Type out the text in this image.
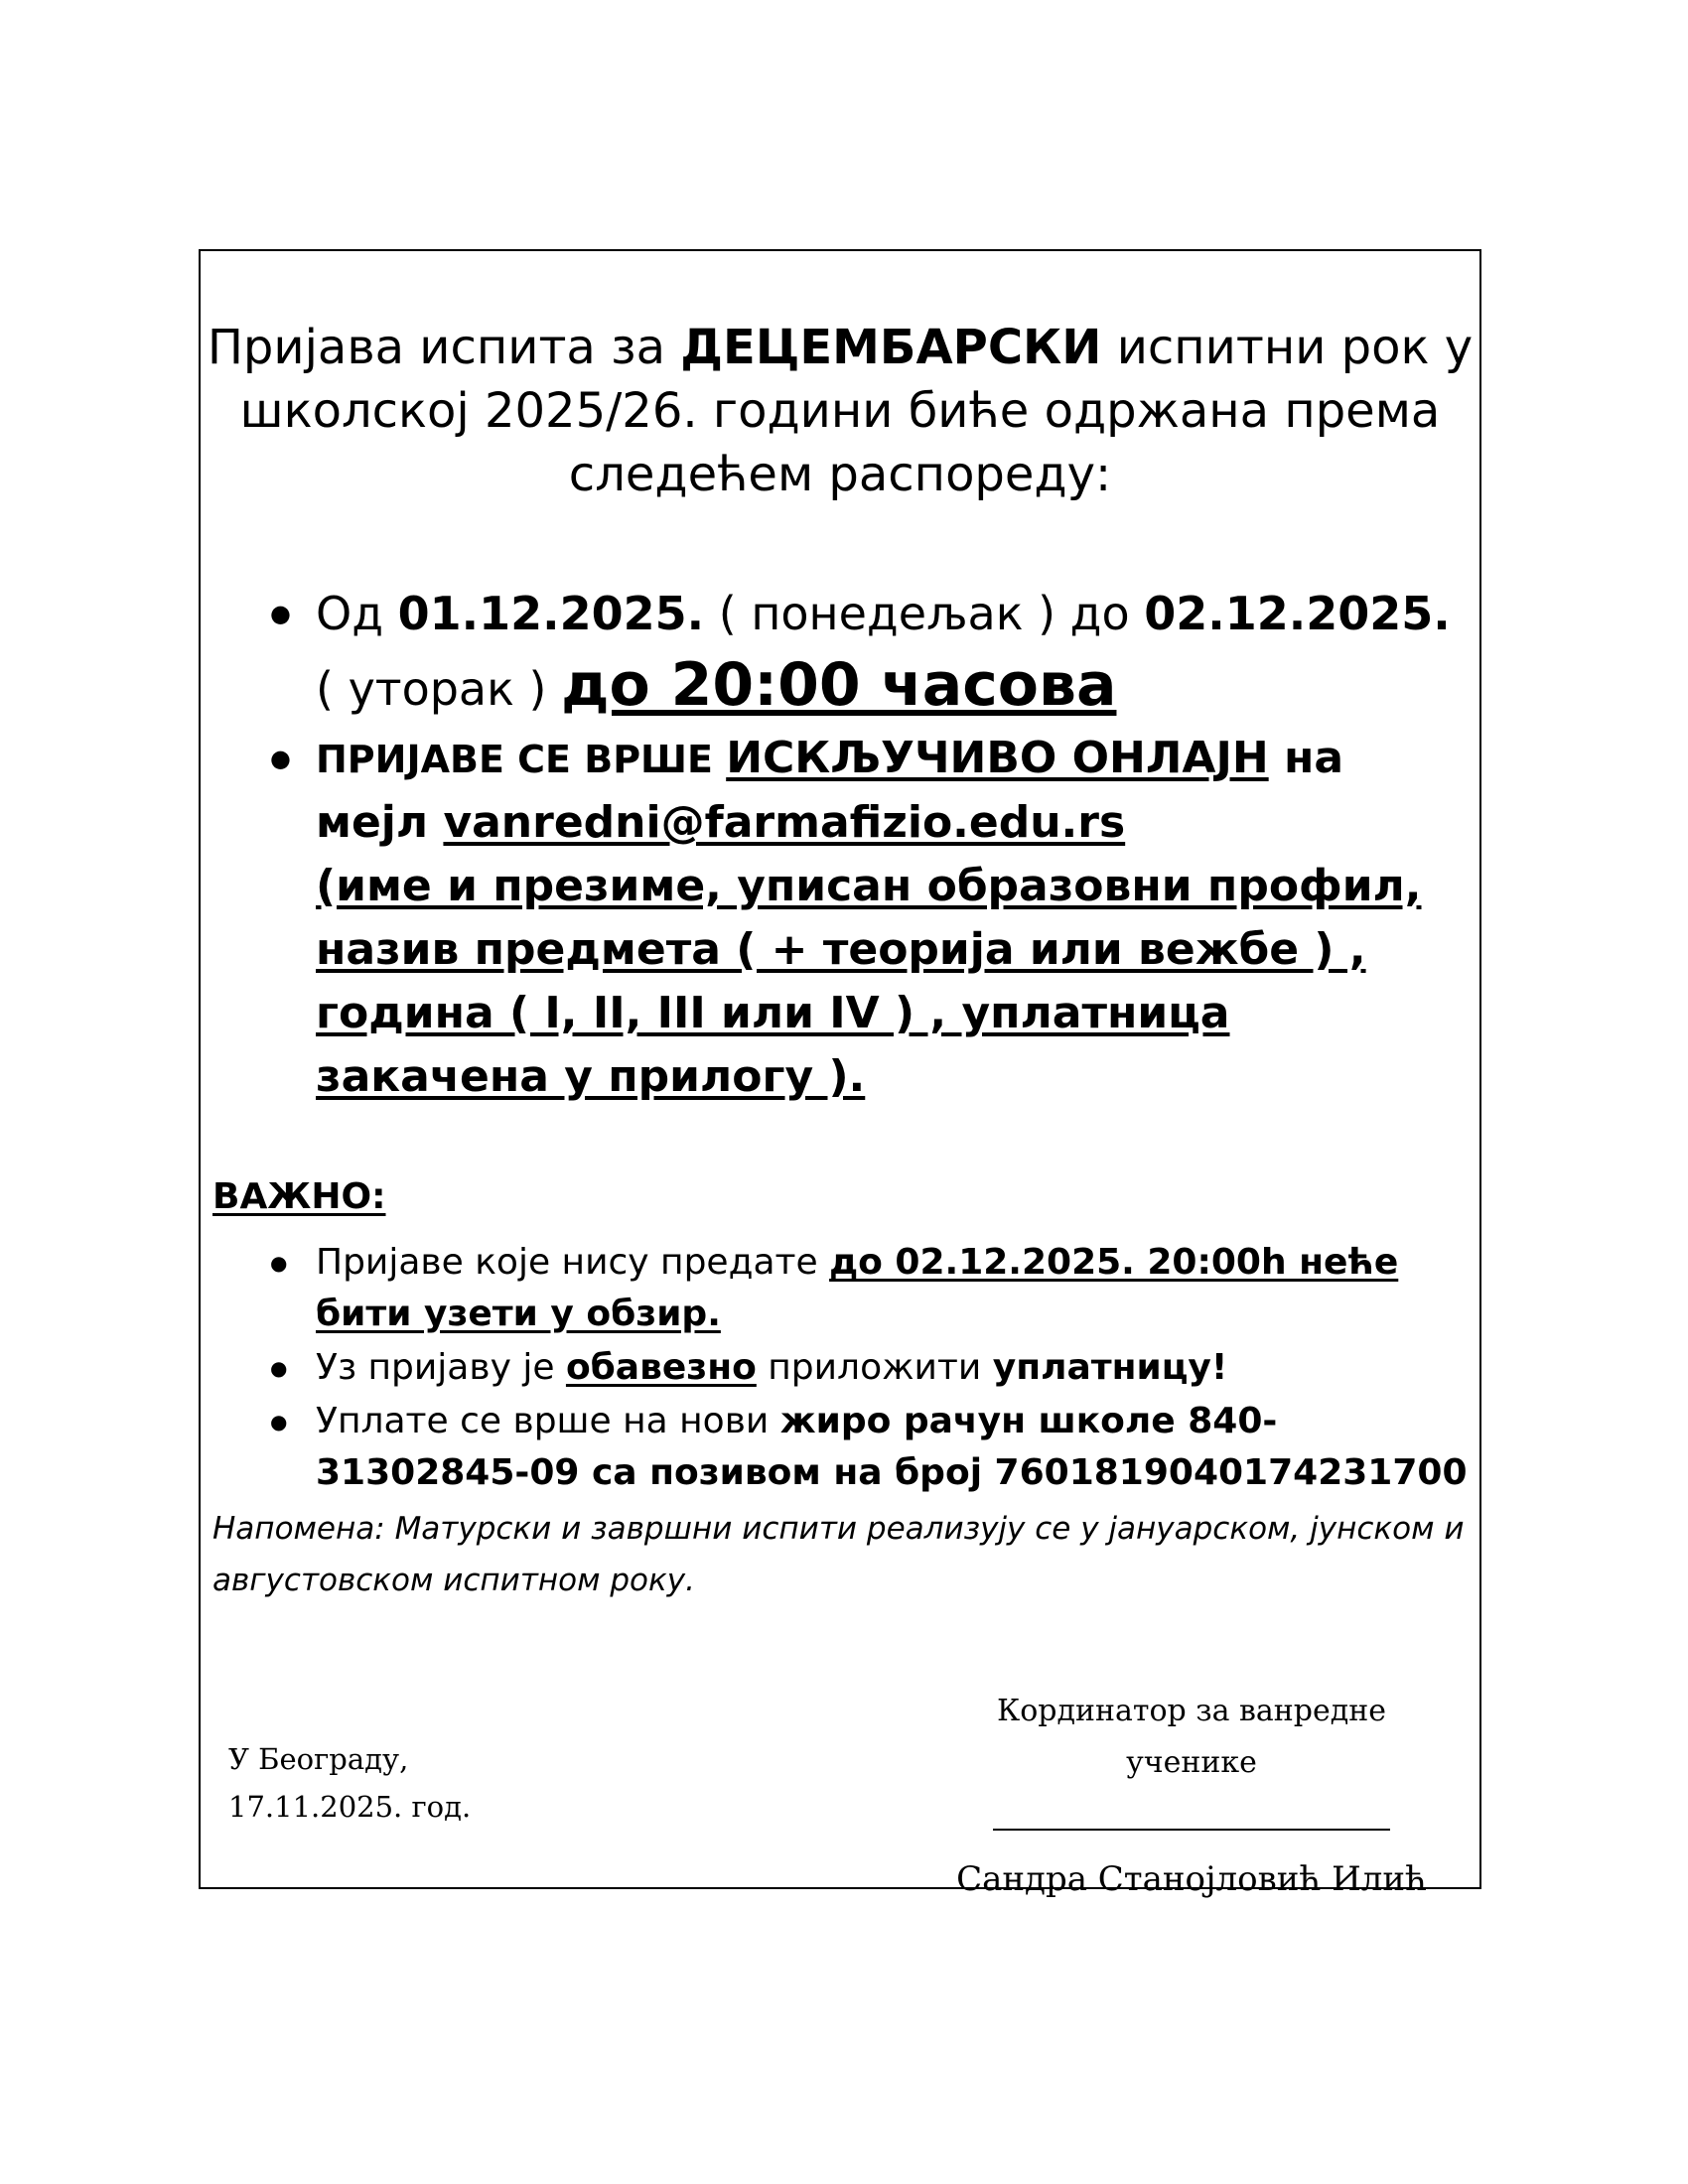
Пријава испита за ДЕЦЕМБАРСКИ испитни рок у школској 2025/26. години биће одржана према следећем распореду:
● Од 01.12.2025. ( понедељак ) до 02.12.2025.
( уторак ) до 20:00 часова
● ПРИЈАВЕ СЕ ВРШЕ ИСКЉУЧИВО ОНЛАЈН на мејл vanredni@farmafizio.edu.rs
(име и презиме, уписан образовни профил, назив предмета ( + теорија или вежбе ) , година ( I, II, III или IV ) , уплатница закачена у прилогу ).
ВАЖНО:
● Пријаве које нису предате до 02.12.2025. 20:00h неће бити узети у обзир.
● Уз пријаву је обавезно приложити уплатницу!
● Уплате се врше на нови жиро рачун школе 840-31302845-09 са позивом на број 7601819040174231700
Напомена: Матурски и завршни испити реализују се у јануарском, јунском и августовском испитном року.
У Београду,
17.11.2025. год.
Кординатор за ванредне ученике
Сандра Станојловић Илић
